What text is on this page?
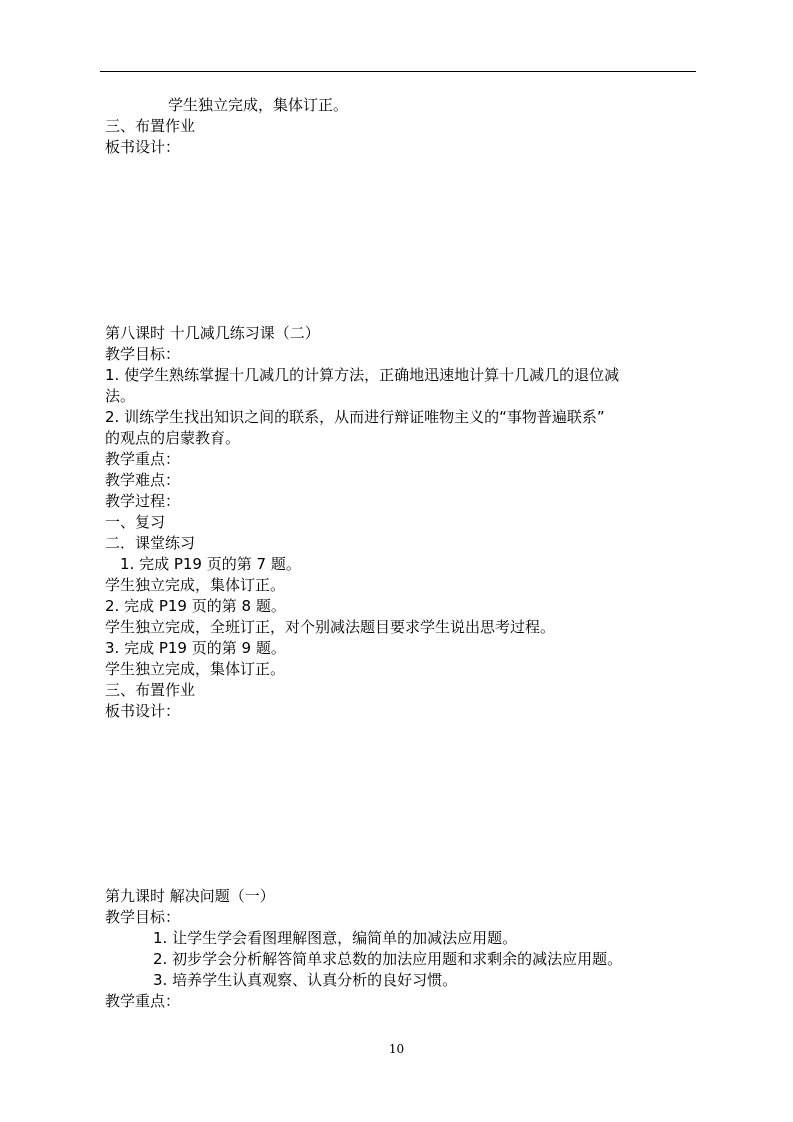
学生独立完成，集体订正。
三、布置作业
板书设计：
第八课时 十几减几练习课（二）
教学目标：
1. 使学生熟练掌握十几减几的计算方法，正确地迅速地计算十几减几的退位减
法。
2. 训练学生找出知识之间的联系，从而进行辩证唯物主义的“事物普遍联系”
的观点的启蒙教育。
教学重点：
教学难点：
教学过程：
一、复习
二．课堂练习
1. 完成 P19 页的第 7 题。
学生独立完成，集体订正。
2. 完成 P19 页的第 8 题。
学生独立完成，全班订正，对个别减法题目要求学生说出思考过程。
3. 完成 P19 页的第 9 题。
学生独立完成，集体订正。
三、布置作业
板书设计：
第九课时 解决问题（一）
教学目标：
1. 让学生学会看图理解图意，编简单的加减法应用题。
2. 初步学会分析解答简单求总数的加法应用题和求剩余的减法应用题。
3. 培养学生认真观察、认真分析的良好习惯。
教学重点：
10
